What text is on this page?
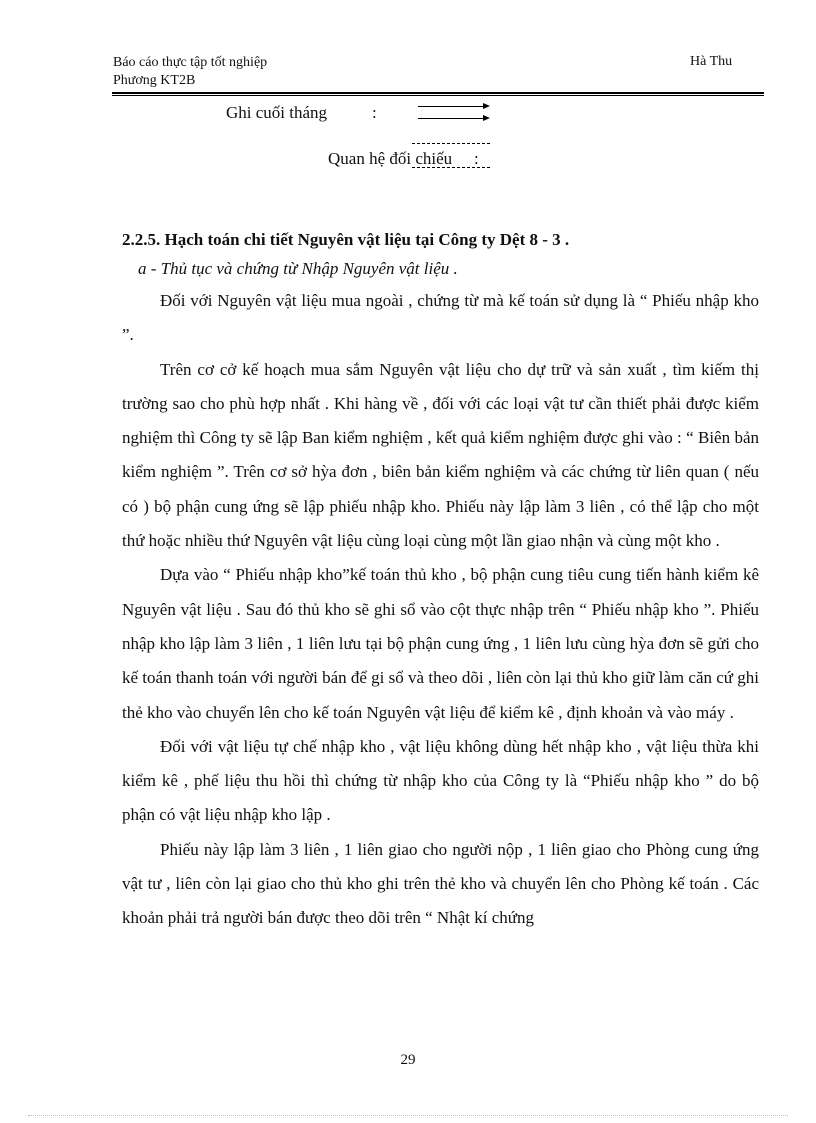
Báo cáo thực tập tốt nghiệp
Phương KT2B
Hà Thu
Ghi cuối tháng	:
Quan hệ đối chiếu :

2.2.5. Hạch toán chi tiết Nguyên vật liệu tại Công ty Dệt 8 - 3 .

a - Thủ tục và chứng từ Nhập Nguyên vật liệu .

Đối với Nguyên vật liệu mua ngoài , chứng từ mà kế toán sử dụng là “ Phiếu nhập kho ”.

Trên cơ cở kế hoạch mua sắm Nguyên vật liệu cho dự trữ và sản xuất , tìm kiếm thị trường sao cho phù hợp nhất . Khi hàng về , đối với các loại vật tư cần thiết phải được kiểm nghiệm thì Công ty sẽ lập Ban kiểm nghiệm , kết quả kiểm nghiệm được ghi vào : “ Biên bản kiểm nghiệm ”. Trên cơ sở hỳa đơn , biên bản kiểm nghiệm và các chứng từ liên quan ( nếu có ) bộ phận cung ứng sẽ lập phiếu nhập kho. Phiếu này lập làm 3 liên , có thể lập cho một thứ hoặc nhiều thứ Nguyên vật liệu cùng loại cùng một lần giao nhận và cùng một kho .

Dựa vào “ Phiếu nhập kho”kế toán thủ kho , bộ phận cung tiêu cung tiến hành kiểm kê Nguyên vật liệu . Sau đó thủ kho sẽ ghi sổ vào cột thực nhập trên “ Phiếu nhập kho ”. Phiếu nhập kho lập làm 3 liên , 1 liên lưu tại bộ phận cung ứng , 1 liên lưu cùng hỳa đơn sẽ gửi cho kế toán thanh toán với người bán để gi sổ và theo dõi , liên còn lại thủ kho giữ làm căn cứ ghi thẻ kho vào chuyển lên cho kế toán Nguyên vật liệu để kiểm kê , định khoản và vào máy .

Đối với vật liệu tự chế nhập kho , vật liệu không dùng hết nhập kho , vật liệu thừa khi kiểm kê , phế liệu thu hồi thì chứng từ nhập kho của Công ty là “Phiếu nhập kho ” do bộ phận có vật liệu nhập kho lập .

Phiếu này lập làm 3 liên , 1 liên giao cho người nộp , 1 liên giao cho Phòng cung ứng vật tư , liên còn lại giao cho thủ kho ghi trên thẻ kho và chuyển lên cho Phòng kế toán . Các khoản phải trả người bán được theo dõi trên “ Nhật kí chứng

29
